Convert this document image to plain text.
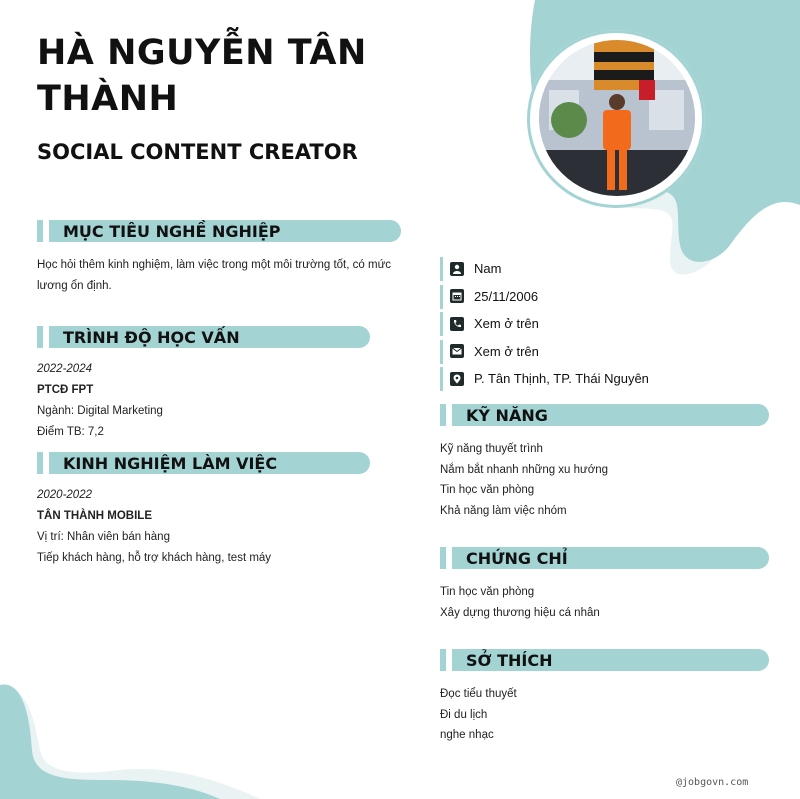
HÀ NGUYỄN TÂN THÀNH
SOCIAL CONTENT CREATOR
MỤC TIÊU NGHỀ NGHIỆP
Học hỏi thêm kinh nghiệm, làm việc trong một môi trường tốt, có mức lương ổn định.
TRÌNH ĐỘ HỌC VẤN
2022-2024
PTCĐ FPT
Ngành: Digital Marketing
Điểm TB: 7,2
KINH NGHIỆM LÀM VIỆC
2020-2022
TÂN THÀNH MOBILE
Vị trí: Nhân viên bán hàng
Tiếp khách hàng, hỗ trợ khách hàng, test máy
Nam
25/11/2006
Xem ở trên
Xem ở trên
P. Tân Thịnh, TP. Thái Nguyên
KỸ NĂNG
Kỹ năng thuyết trình
Nắm bắt nhanh những xu hướng
Tin học văn phòng
Khả năng làm việc nhóm
CHỨNG CHỈ
Tin học văn phòng
Xây dựng thương hiệu cá nhân
SỞ THÍCH
Đọc tiểu thuyết
Đi du lịch
nghe nhạc
@jobgovn.com
